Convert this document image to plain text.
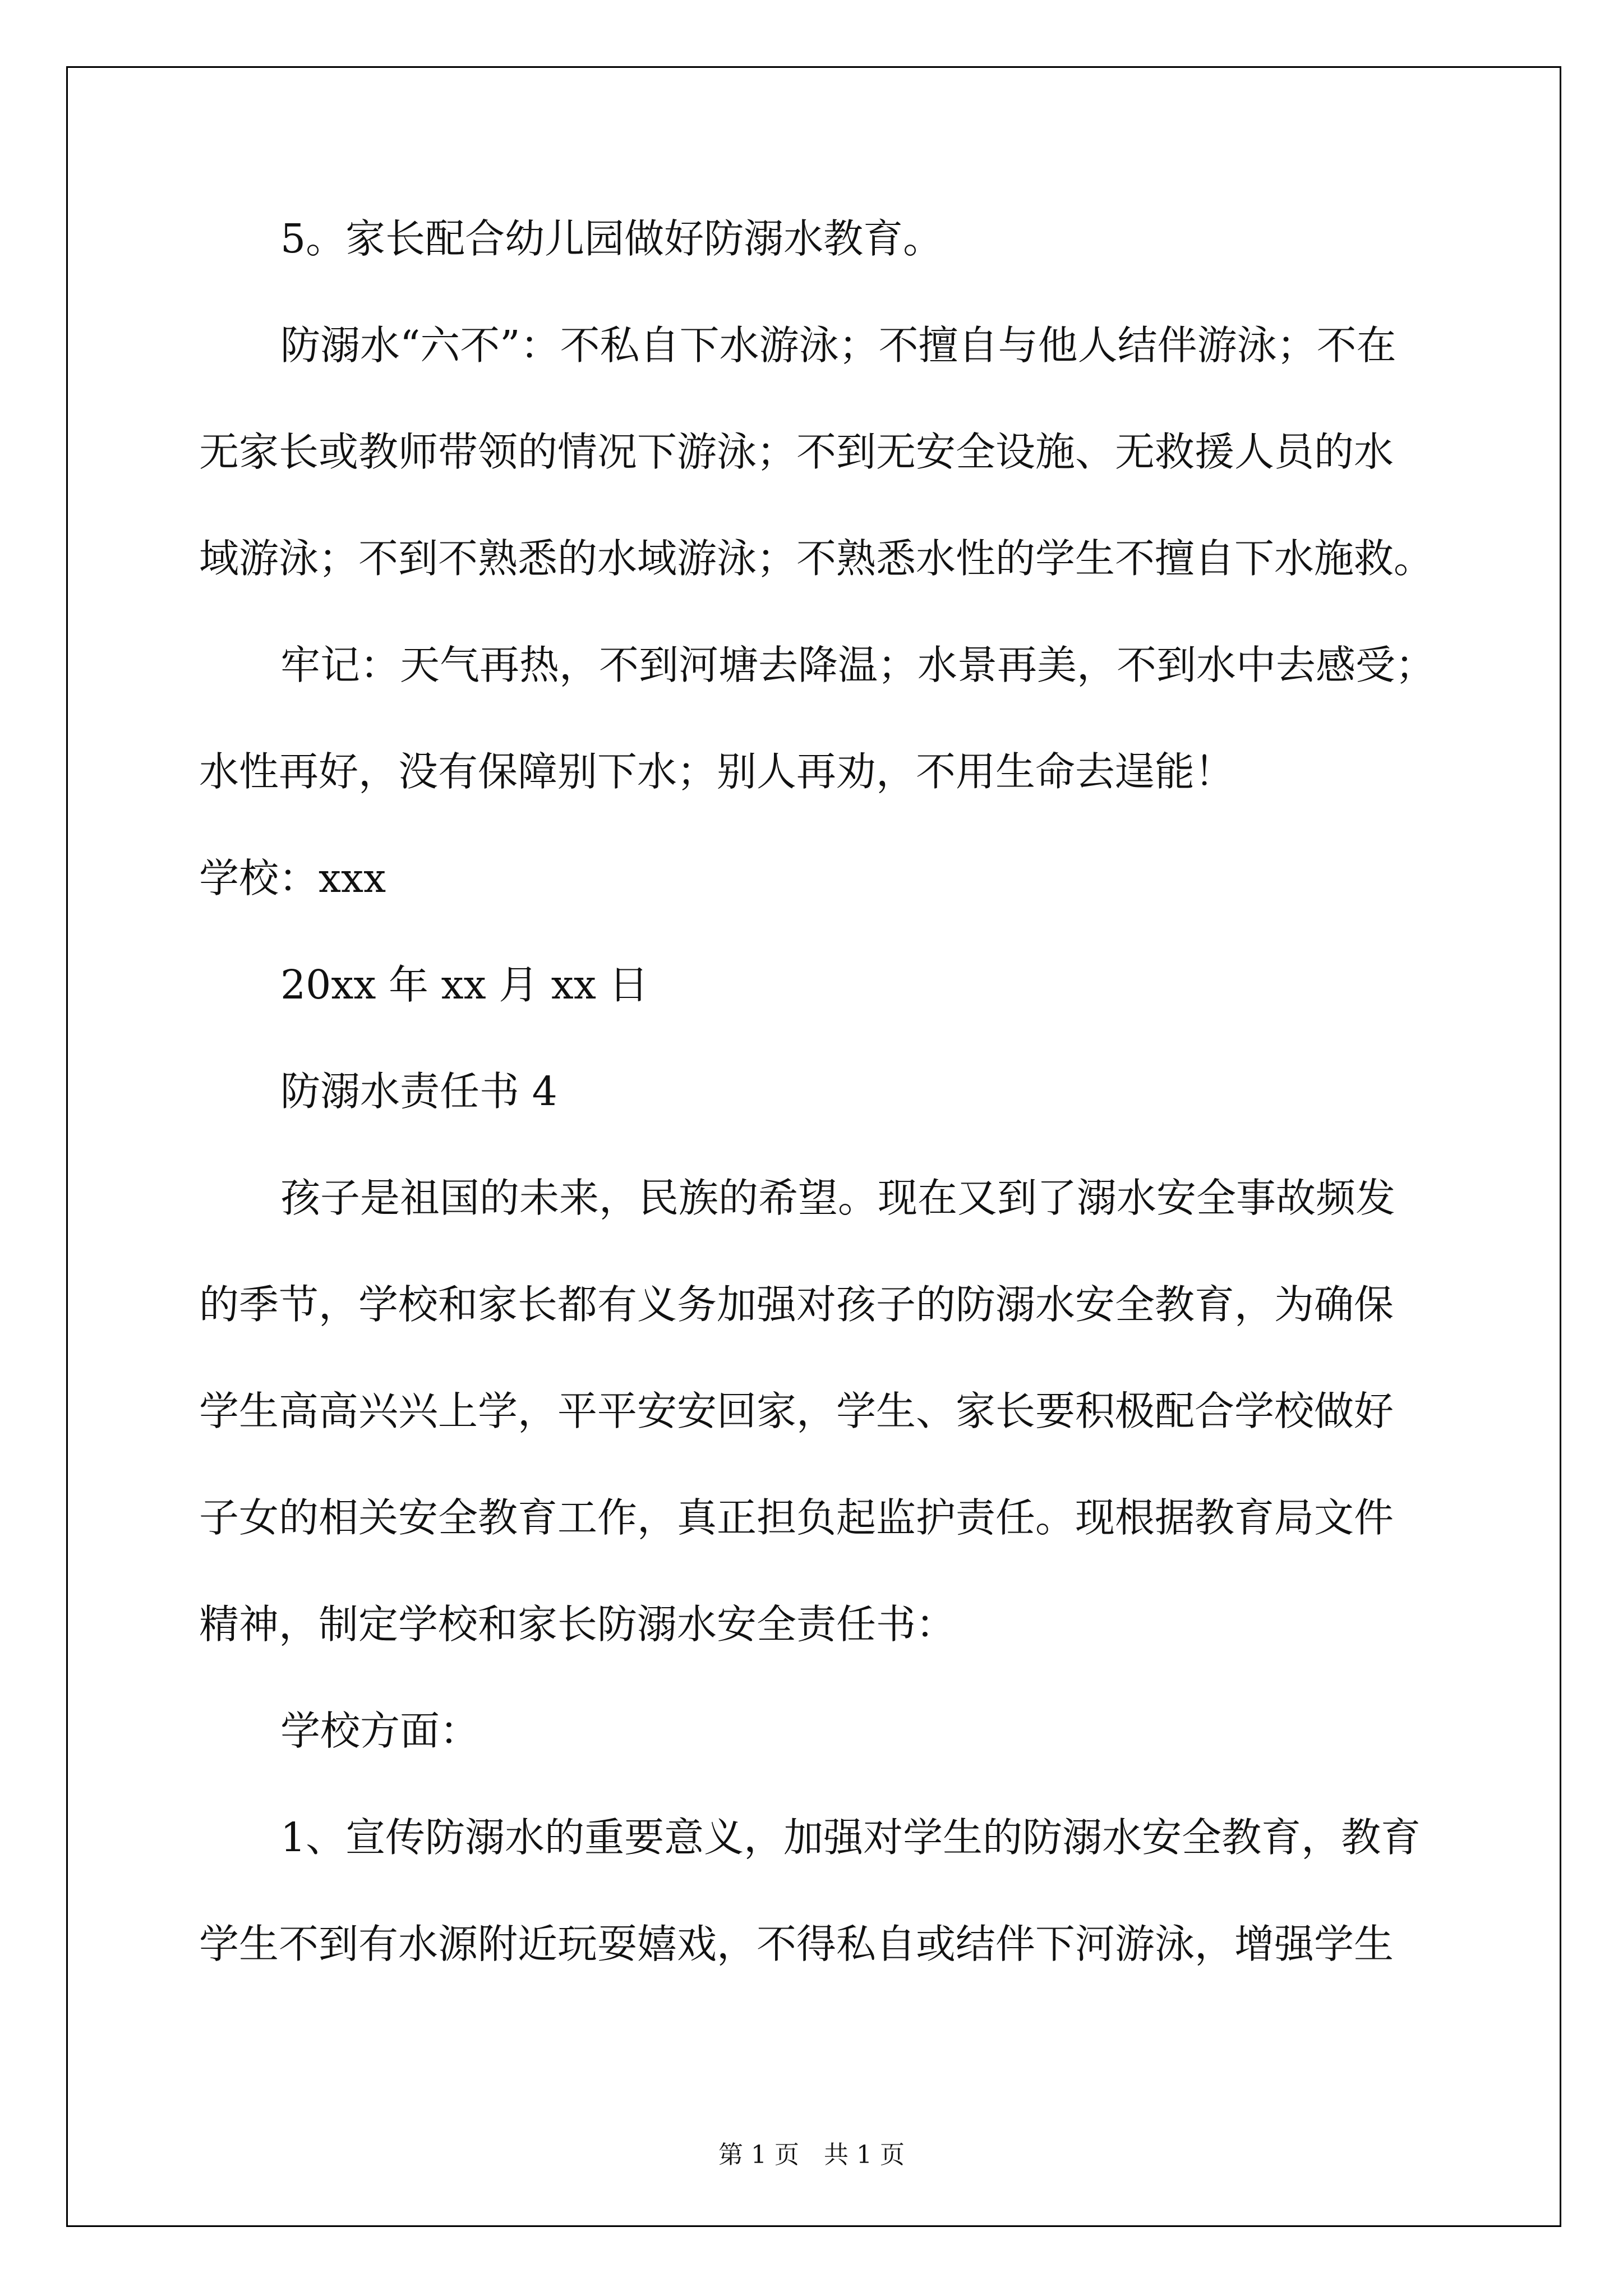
5。家长配合幼儿园做好防溺水教育。
防溺水“六不”：不私自下水游泳；不擅自与他人结伴游泳；不在
无家长或教师带领的情况下游泳；不到无安全设施、无救援人员的水
域游泳；不到不熟悉的水域游泳；不熟悉水性的学生不擅自下水施救。
牢记：天气再热，不到河塘去降温；水景再美，不到水中去感受；
水性再好，没有保障别下水；别人再劝，不用生命去逞能！
学校：xxx
20xx 年 xx 月 xx 日
防溺水责任书 4
孩子是祖国的未来，民族的希望。现在又到了溺水安全事故频发
的季节，学校和家长都有义务加强对孩子的防溺水安全教育，为确保
学生高高兴兴上学，平平安安回家，学生、家长要积极配合学校做好
子女的相关安全教育工作，真正担负起监护责任。现根据教育局文件
精神，制定学校和家长防溺水安全责任书：
学校方面：
1、宣传防溺水的重要意义，加强对学生的防溺水安全教育，教育
学生不到有水源附近玩耍嬉戏，不得私自或结伴下河游泳，增强学生
第 1 页　共 1 页
